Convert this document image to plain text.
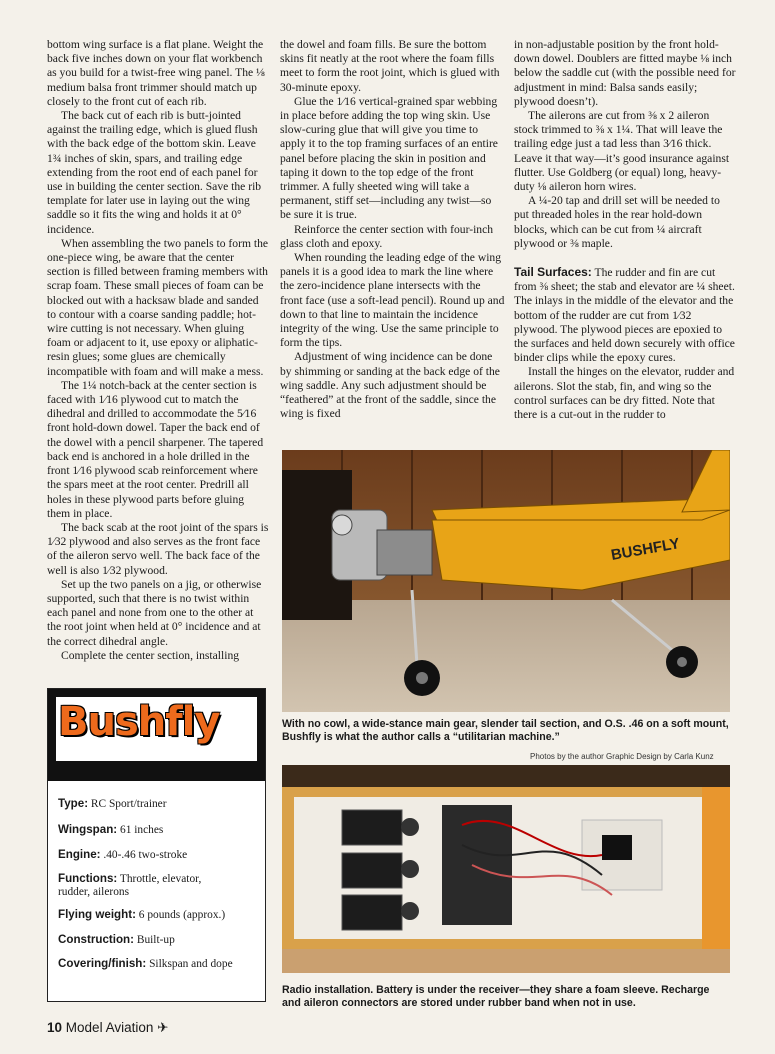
bottom wing surface is a flat plane. Weight the back five inches down on your flat workbench as you build for a twist-free wing panel. The ⅛ medium balsa front trimmer should match up closely to the front cut of each rib.

The back cut of each rib is butt-jointed against the trailing edge, which is glued flush with the back edge of the bottom skin. Leave 1¾ inches of skin, spars, and trailing edge extending from the root end of each panel for use in building the center section. Save the rib template for later use in laying out the wing saddle so it fits the wing and holds it at 0° incidence.

When assembling the two panels to form the one-piece wing, be aware that the center section is filled between framing members with scrap foam. These small pieces of foam can be blocked out with a hacksaw blade and sanded to contour with a coarse sanding paddle; hot-wire cutting is not necessary. When gluing foam or adjacent to it, use epoxy or aliphatic-resin glues; some glues are chemically incompatible with foam and will make a mess.

The 1¼ notch-back at the center section is faced with 1⁄16 plywood cut to match the dihedral and drilled to accommodate the 5⁄16 front hold-down dowel. Taper the back end of the dowel with a pencil sharpener. The tapered back end is anchored in a hole drilled in the front 1⁄16 plywood scab reinforcement where the spars meet at the root center. Predrill all holes in these plywood parts before gluing them in place.

The back scab at the root joint of the spars is 1⁄32 plywood and also serves as the front face of the aileron servo well. The back face of the well is also 1⁄32 plywood.

Set up the two panels on a jig, or otherwise supported, such that there is no twist within each panel and none from one to the other at the root joint when held at 0° incidence and at the correct dihedral angle.

Complete the center section, installing

the dowel and foam fills. Be sure the bottom skins fit neatly at the root where the foam fills meet to form the root joint, which is glued with 30-minute epoxy.

Glue the 1⁄16 vertical-grained spar webbing in place before adding the top wing skin. Use slow-curing glue that will give you time to apply it to the top framing surfaces of an entire panel before placing the skin in position and taping it down to the top edge of the front trimmer. A fully sheeted wing will take a permanent, stiff set—including any twist—so be sure it is true.

Reinforce the center section with four-inch glass cloth and epoxy.

When rounding the leading edge of the wing panels it is a good idea to mark the line where the zero-incidence plane intersects with the front face (use a soft-lead pencil). Round up and down to that line to maintain the incidence integrity of the wing. Use the same principle to form the tips.

Adjustment of wing incidence can be done by shimming or sanding at the back edge of the wing saddle. Any such adjustment should be “feathered” at the front of the saddle, since the wing is fixed

in non-adjustable position by the front hold-down dowel. Doublers are fitted maybe ⅛ inch below the saddle cut (with the possible need for adjustment in mind: Balsa sands easily; plywood doesn’t).

The ailerons are cut from ⅜ x 2 aileron stock trimmed to ⅜ x 1¼. That will leave the trailing edge just a tad less than 3⁄16 thick. Leave it that way—it’s good insurance against flutter. Use Goldberg (or equal) long, heavy-duty ⅛ aileron horn wires.

A ¼-20 tap and drill set will be needed to put threaded holes in the rear hold-down blocks, which can be cut from ¼ aircraft plywood or ⅜ maple.

Tail Surfaces: The rudder and fin are cut from ⅜ sheet; the stab and elevator are ¼ sheet. The inlays in the middle of the elevator and the bottom of the rudder are cut from 1⁄32 plywood. The plywood pieces are epoxied to the surfaces and held down securely with office binder clips while the epoxy cures.

Install the hinges on the elevator, rudder and ailerons. Slot the stab, fin, and wing so the control surfaces can be dry fitted. Note that there is a cut-out in the rudder to

BUSHFLY
With no cowl, a wide-stance main gear, slender tail section, and O.S. .46 on a soft mount, Bushfly is what the author calls a “utilitarian machine.”
Photos by the author Graphic Design by Carla Kunz
Radio installation. Battery is under the receiver—they share a foam sleeve. Recharge and aileron connectors are stored under rubber band when not in use.
Bushfly
Type: RC Sport/trainer
Wingspan: 61 inches
Engine: .40-.46 two-stroke
Functions: Throttle, elevator,
rudder, ailerons
Flying weight: 6 pounds (approx.)
Construction: Built-up
Covering/finish: Silkspan and dope
10 Model Aviation ✈
